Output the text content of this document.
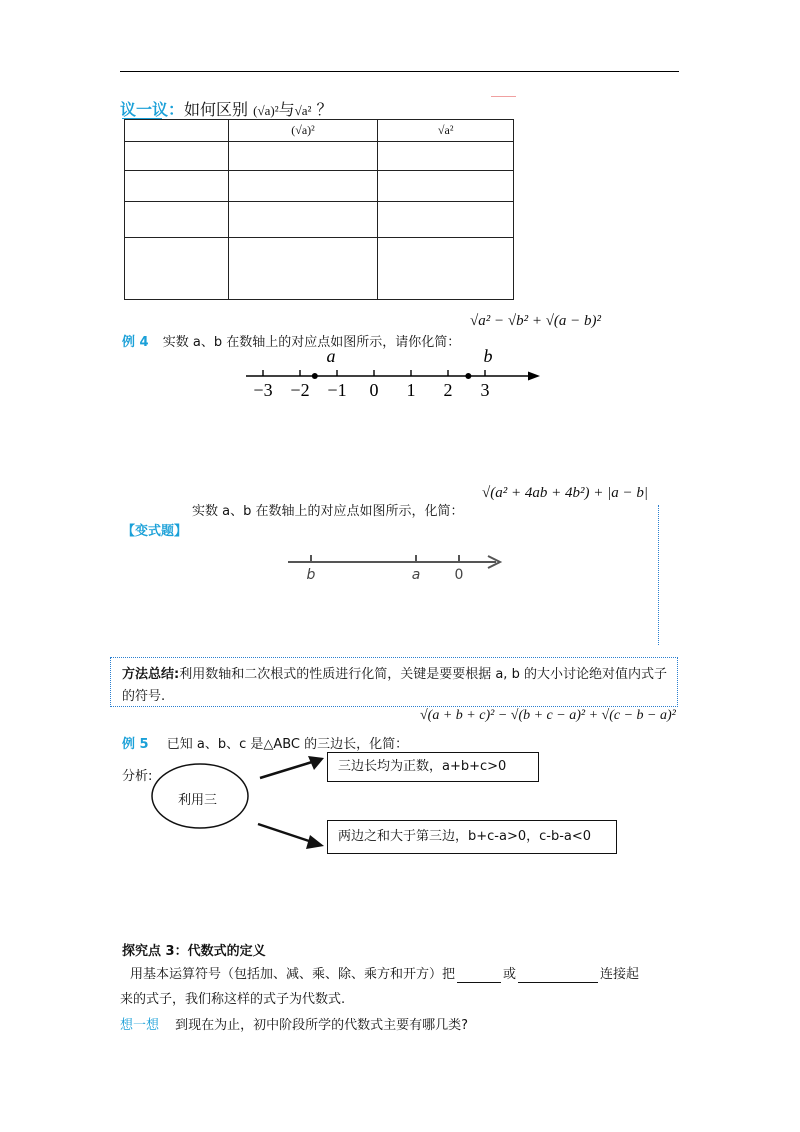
议一议：如何区别 (√a)²与√a² ？
	(√a)²	√a²

例 4 实数 a、b 在数轴上的对应点如图所示，请你化简：
√a² − √b² + √(a − b)²
−3 −2 −1 0 1 2 3
a	b
实数 a、b 在数轴上的对应点如图所示，化简：
√(a² + 4ab + 4b²) + |a − b|
【变式题】
b	a 0
方法总结:利用数轴和二次根式的性质进行化简，关键是要要根据 a, b 的大小讨论绝对值内式子的符号.
√(a + b + c)² − √(b + c − a)² + √(c − b − a)²
例 5 已知 a、b、c 是△ABC 的三边长，化简：
分析:
利用三
三边长均为正数，a+b+c>0
两边之和大于第三边，b+c-a>0，c-b-a<0
探究点 3：代数式的定义
用基本运算符号（包括加、减、乘、除、乘方和开方）把	或	连接起
来的式子，我们称这样的式子为代数式.
想一想 到现在为止，初中阶段所学的代数式主要有哪几类?
